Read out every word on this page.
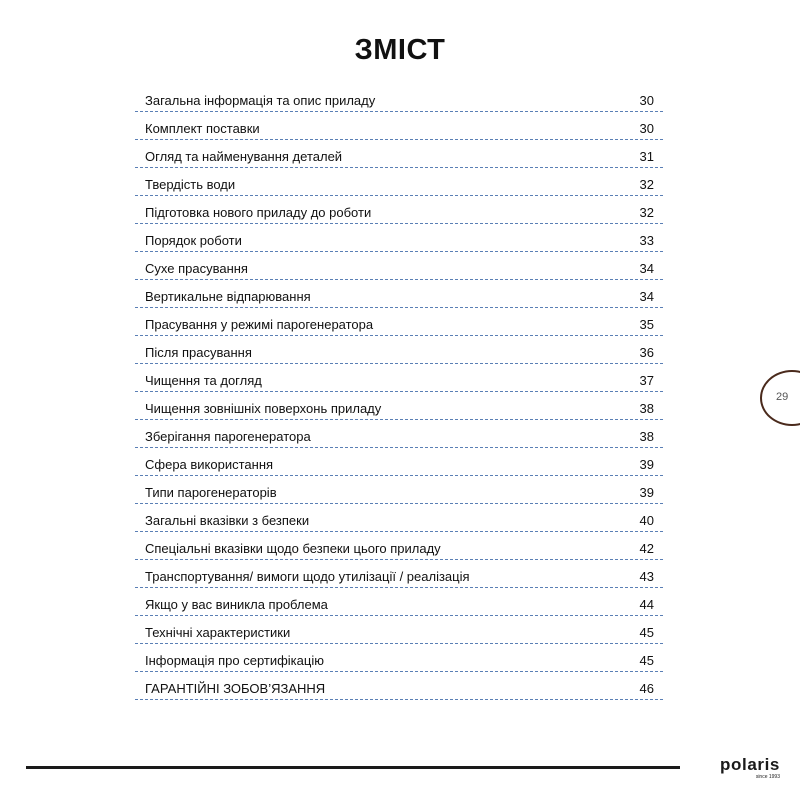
ЗМІСТ
Загальна інформація та опис приладу	30
Комплект поставки	30
Огляд та найменування деталей	31
Твердість води	32
Підготовка нового приладу до роботи	32
Порядок роботи	33
Сухе прасування	34
Вертикальне відпарювання	34
Прасування у режимі парогенератора	35
Після прасування	36
Чищення та догляд	37
Чищення зовнішніх поверхонь приладу	38
Зберігання парогенератора	38
Сфера використання	39
Типи парогенераторів	39
Загальні вказівки з безпеки	40
Спеціальні вказівки щодо безпеки цього приладу	42
Транспортування/ вимоги щодо утилізації / реалізація	43
Якщо у вас виникла проблема	44
Технічні характеристики	45
Інформація про сертифікацію	45
ГАРАНТІЙНІ ЗОБОВ’ЯЗАННЯ	46
29
polaris
since 1993
